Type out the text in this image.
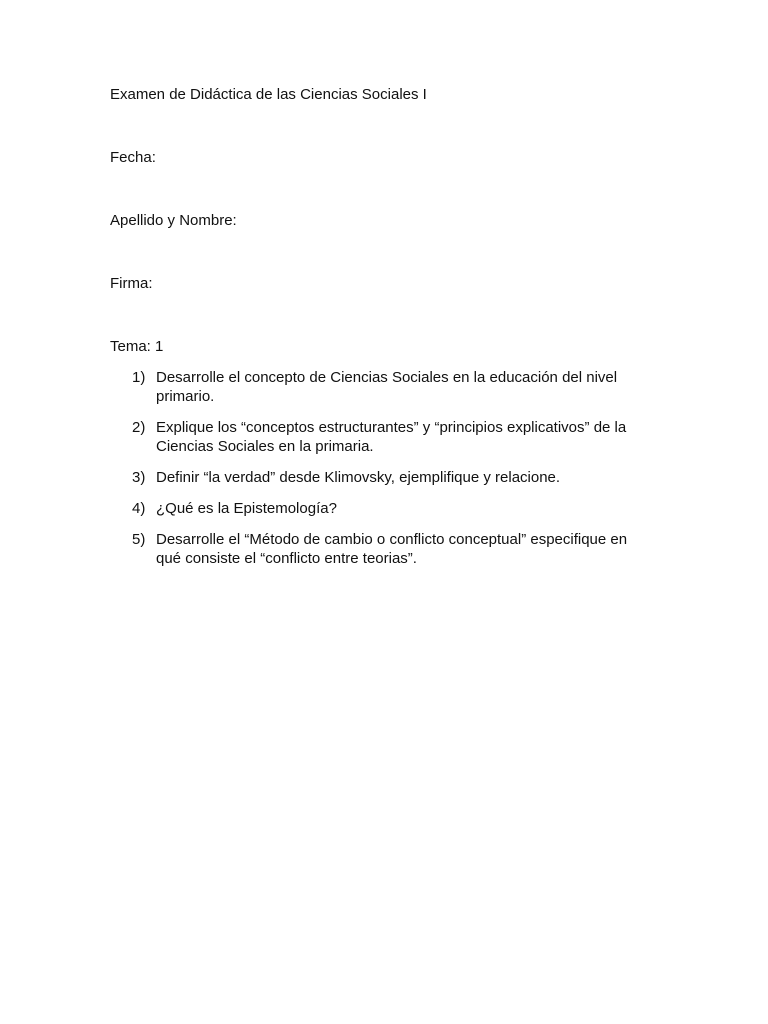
Examen de Didáctica de las Ciencias Sociales I
Fecha:
Apellido y Nombre:
Firma:
Tema: 1
1) Desarrolle el concepto de Ciencias Sociales en la educación del nivel primario.
2) Explique los “conceptos estructurantes” y “principios explicativos” de la Ciencias Sociales en la primaria.
3) Definir “la verdad” desde Klimovsky, ejemplifique y relacione.
4) ¿Qué es la Epistemología?
5) Desarrolle el “Método de cambio o conflicto conceptual” especifique en qué consiste el “conflicto entre teorias”.
